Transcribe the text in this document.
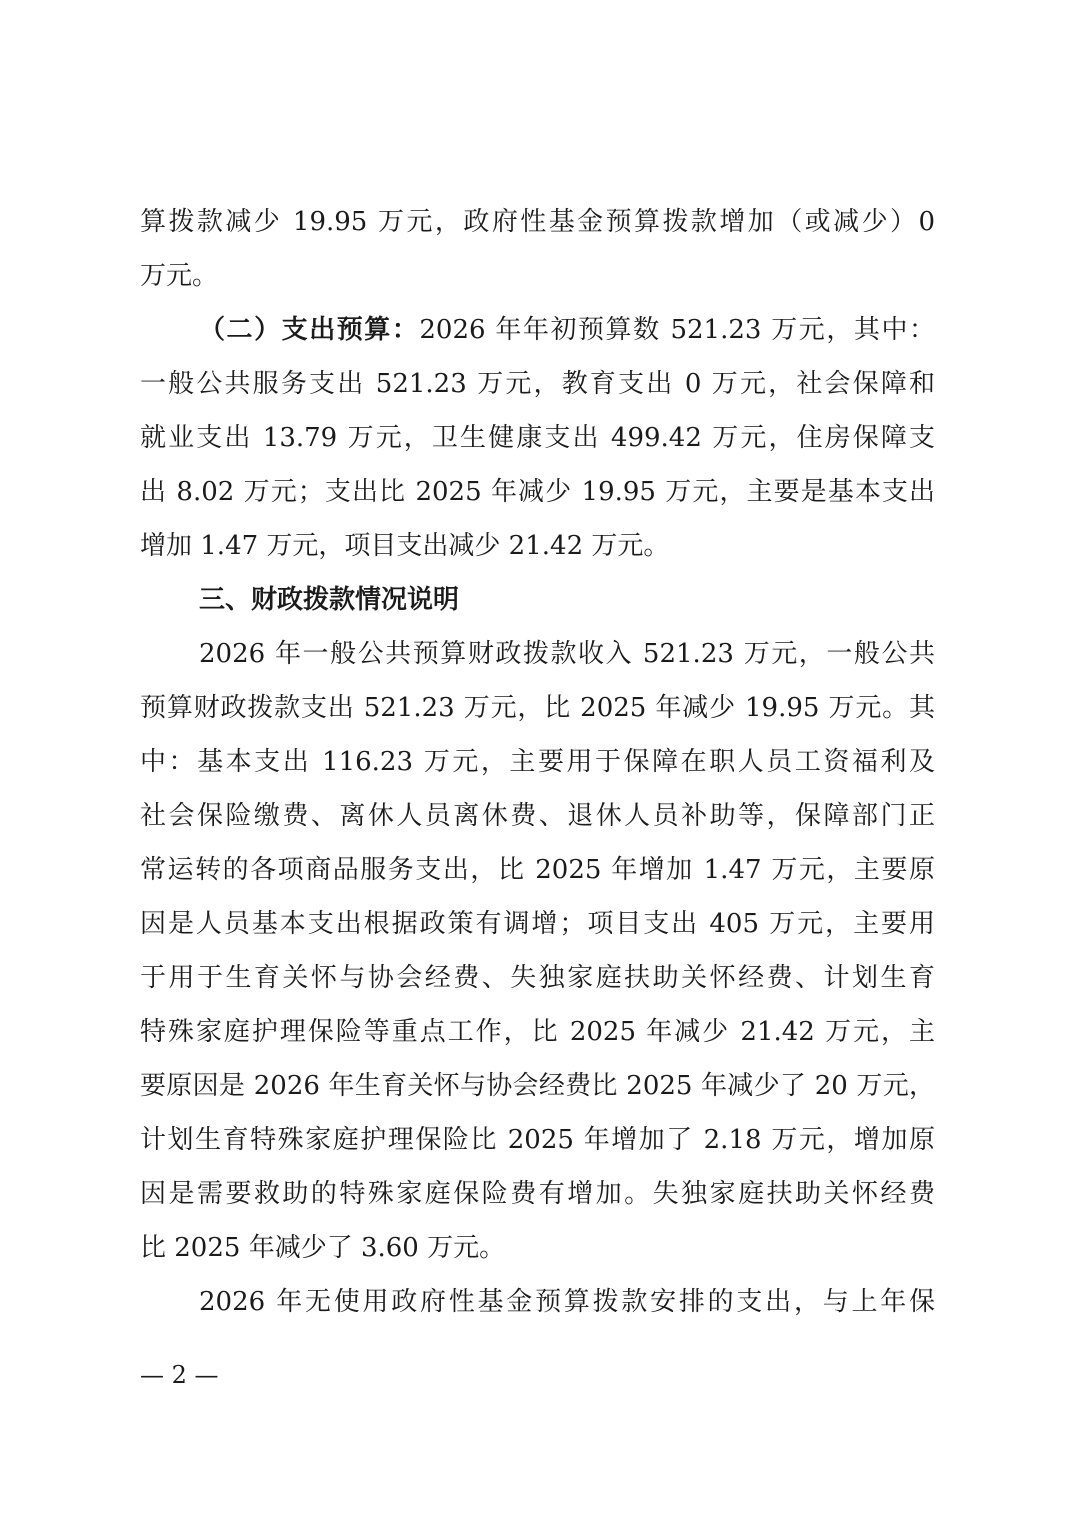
算拨款减少 19.95 万元，政府性基金预算拨款增加（或减少）0
万元。
（二）支出预算：2026 年年初预算数 521.23 万元，其中：
一般公共服务支出 521.23 万元，教育支出 0 万元，社会保障和
就业支出 13.79 万元，卫生健康支出 499.42 万元，住房保障支
出 8.02 万元；支出比 2025 年减少 19.95 万元，主要是基本支出
增加 1.47 万元，项目支出减少 21.42 万元。
三、财政拨款情况说明
2026 年一般公共预算财政拨款收入 521.23 万元，一般公共
预算财政拨款支出 521.23 万元，比 2025 年减少 19.95 万元。其
中：基本支出 116.23 万元，主要用于保障在职人员工资福利及
社会保险缴费、离休人员离休费、退休人员补助等，保障部门正
常运转的各项商品服务支出，比 2025 年增加 1.47 万元，主要原
因是人员基本支出根据政策有调增；项目支出 405 万元，主要用
于用于生育关怀与协会经费、失独家庭扶助关怀经费、计划生育
特殊家庭护理保险等重点工作，比 2025 年减少 21.42 万元，主
要原因是 2026 年生育关怀与协会经费比 2025 年减少了 20 万元，
计划生育特殊家庭护理保险比 2025 年增加了 2.18 万元，增加原
因是需要救助的特殊家庭保险费有增加。失独家庭扶助关怀经费
比 2025 年减少了 3.60 万元。
2026 年无使用政府性基金预算拨款安排的支出，与上年保
— 2 —
